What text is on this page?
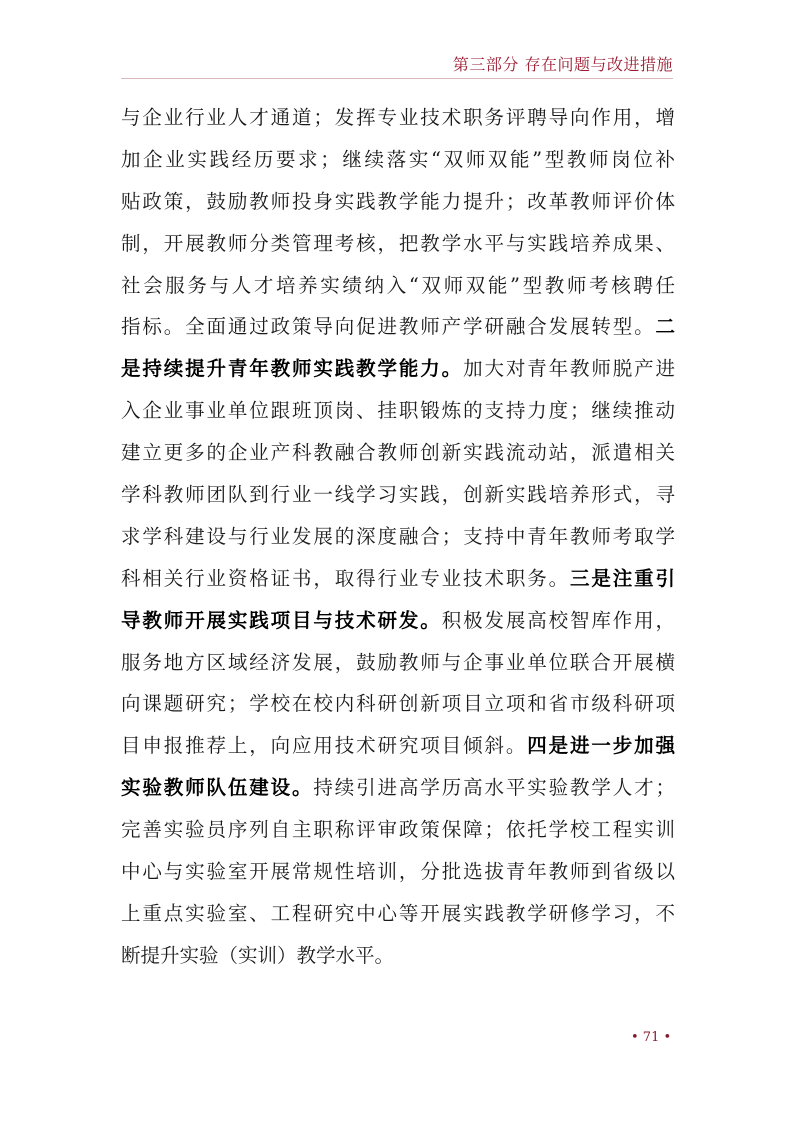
第三部分 存在问题与改进措施
与企业行业人才通道；发挥专业技术职务评聘导向作用，增
加企业实践经历要求；继续落实“双师双能”型教师岗位补
贴政策，鼓励教师投身实践教学能力提升；改革教师评价体
制，开展教师分类管理考核，把教学水平与实践培养成果、
社会服务与人才培养实绩纳入“双师双能”型教师考核聘任
指标。全面通过政策导向促进教师产学研融合发展转型。二
是持续提升青年教师实践教学能力。加大对青年教师脱产进
入企业事业单位跟班顶岗、挂职锻炼的支持力度；继续推动
建立更多的企业产科教融合教师创新实践流动站，派遣相关
学科教师团队到行业一线学习实践，创新实践培养形式，寻
求学科建设与行业发展的深度融合；支持中青年教师考取学
科相关行业资格证书，取得行业专业技术职务。三是注重引
导教师开展实践项目与技术研发。积极发展高校智库作用，
服务地方区域经济发展，鼓励教师与企事业单位联合开展横
向课题研究；学校在校内科研创新项目立项和省市级科研项
目申报推荐上，向应用技术研究项目倾斜。四是进一步加强
实验教师队伍建设。持续引进高学历高水平实验教学人才；
完善实验员序列自主职称评审政策保障；依托学校工程实训
中心与实验室开展常规性培训，分批选拔青年教师到省级以
上重点实验室、工程研究中心等开展实践教学研修学习，不
断提升实验（实训）教学水平。
• 71 •
